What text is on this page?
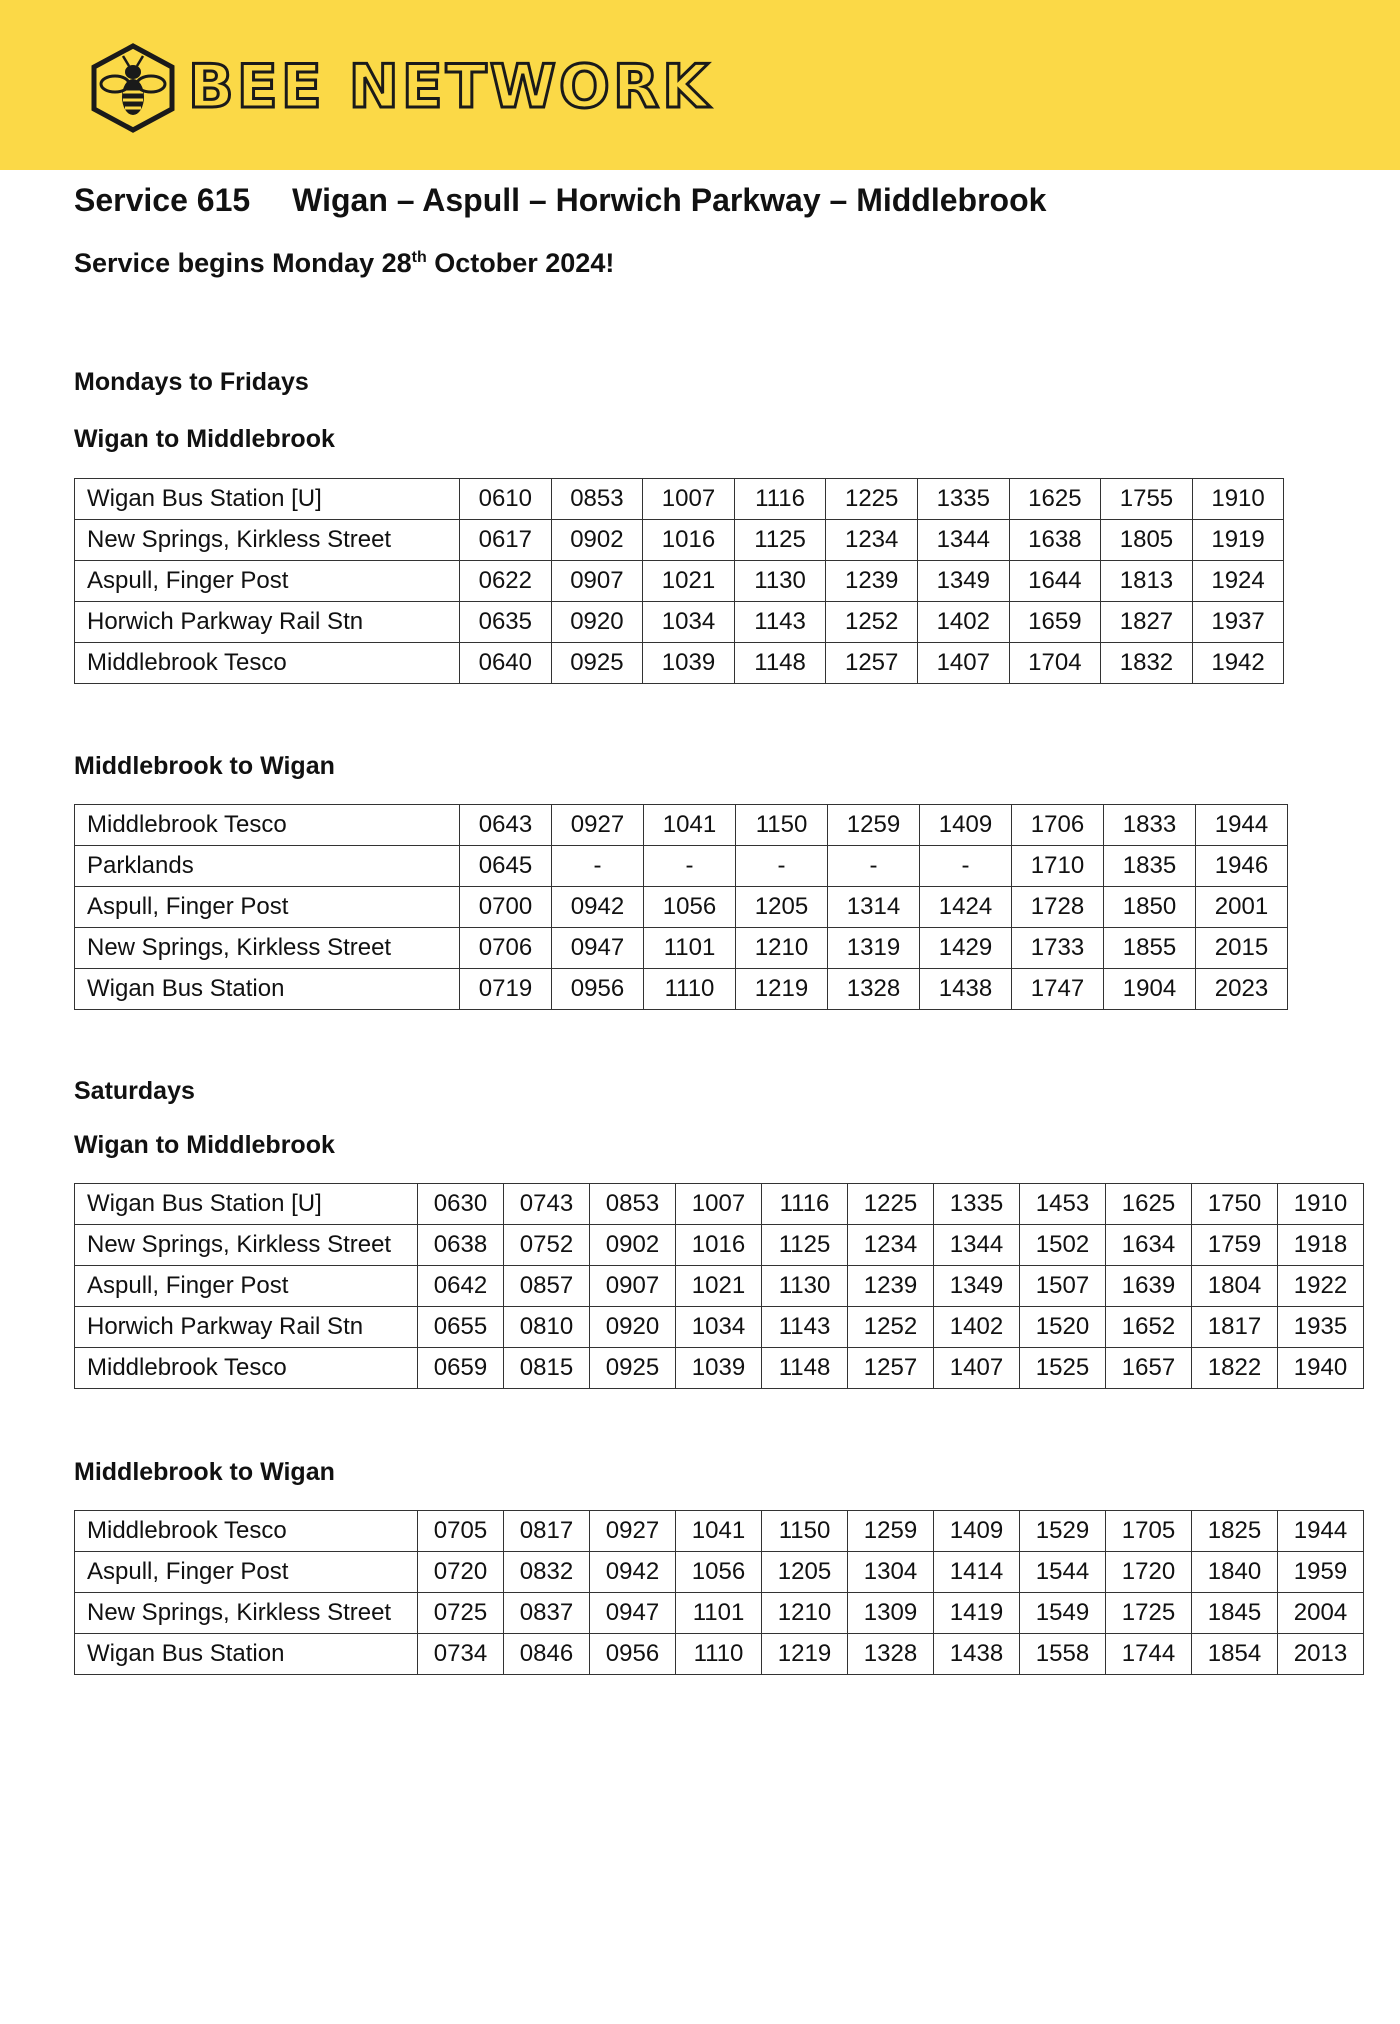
BEE NETWORK
Service 615 Wigan – Aspull – Horwich Parkway – Middlebrook
Service begins Monday 28th October 2024!
Mondays to Fridays
Wigan to Middlebrook
Wigan Bus Station [U]	0610	0853	1007	1116	1225	1335	1625	1755	1910
New Springs, Kirkless Street	0617	0902	1016	1125	1234	1344	1638	1805	1919
Aspull, Finger Post	0622	0907	1021	1130	1239	1349	1644	1813	1924
Horwich Parkway Rail Stn	0635	0920	1034	1143	1252	1402	1659	1827	1937
Middlebrook Tesco	0640	0925	1039	1148	1257	1407	1704	1832	1942
Middlebrook to Wigan
Middlebrook Tesco	0643	0927	1041	1150	1259	1409	1706	1833	1944
Parklands	0645	-	-	-	-	-	1710	1835	1946
Aspull, Finger Post	0700	0942	1056	1205	1314	1424	1728	1850	2001
New Springs, Kirkless Street	0706	0947	1101	1210	1319	1429	1733	1855	2015
Wigan Bus Station	0719	0956	1110	1219	1328	1438	1747	1904	2023
Saturdays
Wigan to Middlebrook
Wigan Bus Station [U]	0630	0743	0853	1007	1116	1225	1335	1453	1625	1750	1910
New Springs, Kirkless Street	0638	0752	0902	1016	1125	1234	1344	1502	1634	1759	1918
Aspull, Finger Post	0642	0857	0907	1021	1130	1239	1349	1507	1639	1804	1922
Horwich Parkway Rail Stn	0655	0810	0920	1034	1143	1252	1402	1520	1652	1817	1935
Middlebrook Tesco	0659	0815	0925	1039	1148	1257	1407	1525	1657	1822	1940
Middlebrook to Wigan
Middlebrook Tesco	0705	0817	0927	1041	1150	1259	1409	1529	1705	1825	1944
Aspull, Finger Post	0720	0832	0942	1056	1205	1304	1414	1544	1720	1840	1959
New Springs, Kirkless Street	0725	0837	0947	1101	1210	1309	1419	1549	1725	1845	2004
Wigan Bus Station	0734	0846	0956	1110	1219	1328	1438	1558	1744	1854	2013
